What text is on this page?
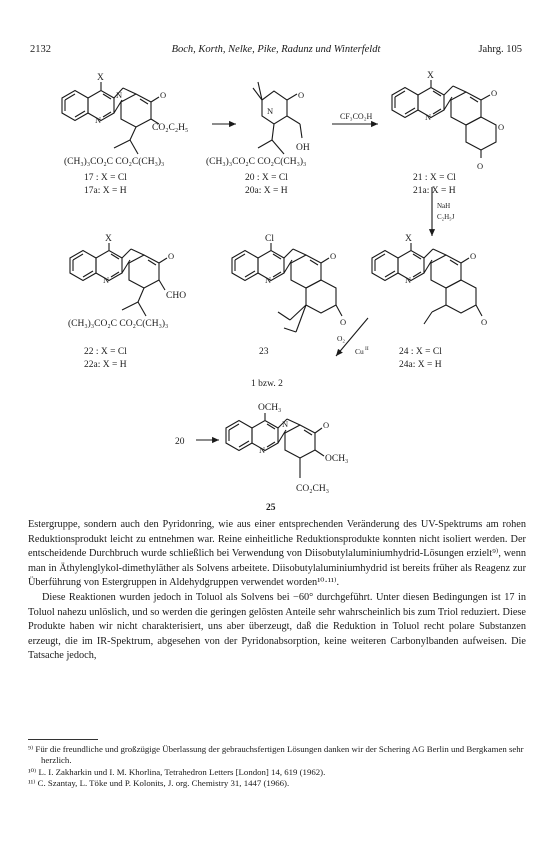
2132	Boch, Korth, Nelke, Pike, Radunz und Winterfeldt	Jahrg. 105
X
N
N	O
CO₂C₂H₅
(CH₃)₃CO₂C CO₂C(CH₃)₃
17 : X = Cl
17a: X = H
N
O
OH
(CH₃)₃CO₂C CO₂C(CH₃)₃
20 : X = Cl
20a: X = H
CF₃CO₂H
X
N
O
O
O
21 : X = Cl
21a: X = H
NaH
C₂H₅J
X
N
O
CHO
(CH₃)₃CO₂C CO₂C(CH₃)₃
22 : X = Cl
22a: X = H
Cl
N
O
O
23
X
N
O
O
24 : X = Cl
24a: X = H
O₂
Cu II
1 bzw. 2
20
OCH₃
N
N	O
OCH₃
CO₂CH₃
25

Estergruppe, sondern auch den Pyridonring, wie aus einer entsprechenden Veränderung des UV-Spektrums am rohen Reduktionsprodukt leicht zu entnehmen war. Reine einheitliche Reduktionsprodukte konnten nicht isoliert werden. Der entscheidende Durchbruch wurde schließlich bei Verwendung von Diisobutylaluminiumhydrid-Lösungen erzielt⁹⁾, wenn man in Äthylenglykol-dimethyläther als Solvens arbeitete. Diisobutylaluminiumhydrid ist bereits früher als Reagenz zur Überführung von Estergruppen in Aldehydgruppen verwendet worden¹⁰·¹¹⁾.

Diese Reaktionen wurden jedoch in Toluol als Solvens bei −60° durchgeführt. Unter diesen Bedingungen ist 17 in Toluol nahezu unlöslich, und so werden die geringen gelösten Anteile sehr wahrscheinlich bis zum Triol reduziert. Diese Produkte haben wir nicht charakterisiert, uns aber überzeugt, daß die Reduktion in Toluol recht polare Substanzen erzeugt, die im IR-Spektrum, abgesehen von der Pyridonabsorption, keine weiteren Carbonylbanden aufweisen. Die Tatsache jedoch,

⁹⁾ Für die freundliche und großzügige Überlassung der gebrauchsfertigen Lösungen danken wir der Schering AG Berlin und Bergkamen sehr herzlich.
¹⁰⁾ L. I. Zakharkin und I. M. Khorlina, Tetrahedron Letters [London] 14, 619 (1962).
¹¹⁾ C. Szantay, L. Töke und P. Kolonits, J. org. Chemistry 31, 1447 (1966).
